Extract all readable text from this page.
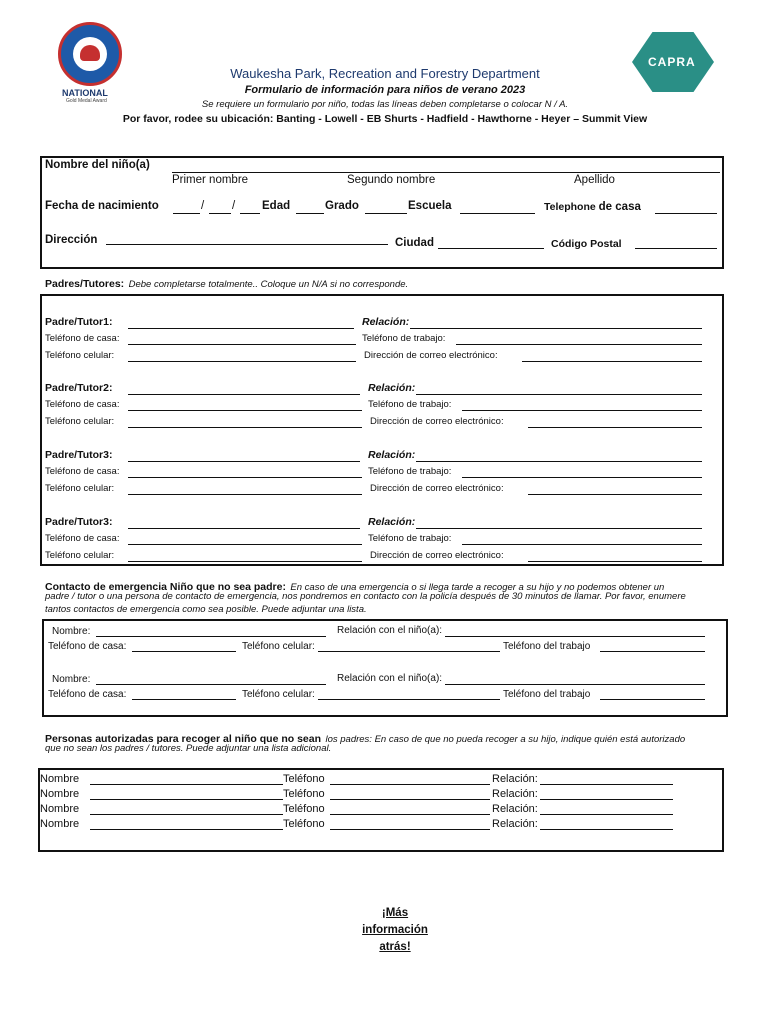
NATIONAL
Gold Medal Award
CAPRA
Waukesha Park, Recreation and Forestry Department
Formulario de información para niños de verano 2023
Se requiere un formulario por niño, todas las líneas deben completarse o colocar N / A.
Por favor, rodee su ubicación: Banting - Lowell - EB Shurts - Hadfield - Hawthorne - Heyer – Summit View
Nombre del niño(a)
Primer nombre	Segundo nombre	Apellido
Fecha de nacimiento	/ / Edad	Grado	Escuela	Telephone de casa
Dirección	Ciudad	Código Postal
Padres/Tutores: Debe completarse totalmente.. Coloque un N/A si no corresponde.
Padre/Tutor1:	Relación:
Teléfono de casa:	Teléfono de trabajo:
Teléfono celular:	Dirección de correo electrónico:
Padre/Tutor2:	Relación:
Teléfono de casa:	Teléfono de trabajo:
Teléfono celular:	Dirección de correo electrónico:
Padre/Tutor3:	Relación:
Teléfono de casa:	Teléfono de trabajo:
Teléfono celular:	Dirección de correo electrónico:
Padre/Tutor3:	Relación:
Teléfono de casa:	Teléfono de trabajo:
Teléfono celular:	Dirección de correo electrónico:
Contacto de emergencia Niño que no sea padre: En caso de una emergencia o si llega tarde a recoger a su hijo y no podemos obtener un
padre / tutor o una persona de contacto de emergencia, nos pondremos en contacto con la policía después de 30 minutos de llamar. Por favor, enumere
tantos contactos de emergencia como sea posible. Puede adjuntar una lista.
Nombre:	Relación con el niño(a):
Teléfono de casa:	Teléfono celular:	Teléfono del trabajo
Nombre:	Relación con el niño(a):
Teléfono de casa:	Teléfono celular:	Teléfono del trabajo
Personas autorizadas para recoger al niño que no sean los padres: En caso de que no pueda recoger a su hijo, indique quién está autorizado
que no sean los padres / tutores. Puede adjuntar una lista adicional.
Nombre	Teléfono	Relación:
Nombre	Teléfono	Relación:
Nombre	Teléfono	Relación:
Nombre	Teléfono	Relación:
¡Más información atrás!
